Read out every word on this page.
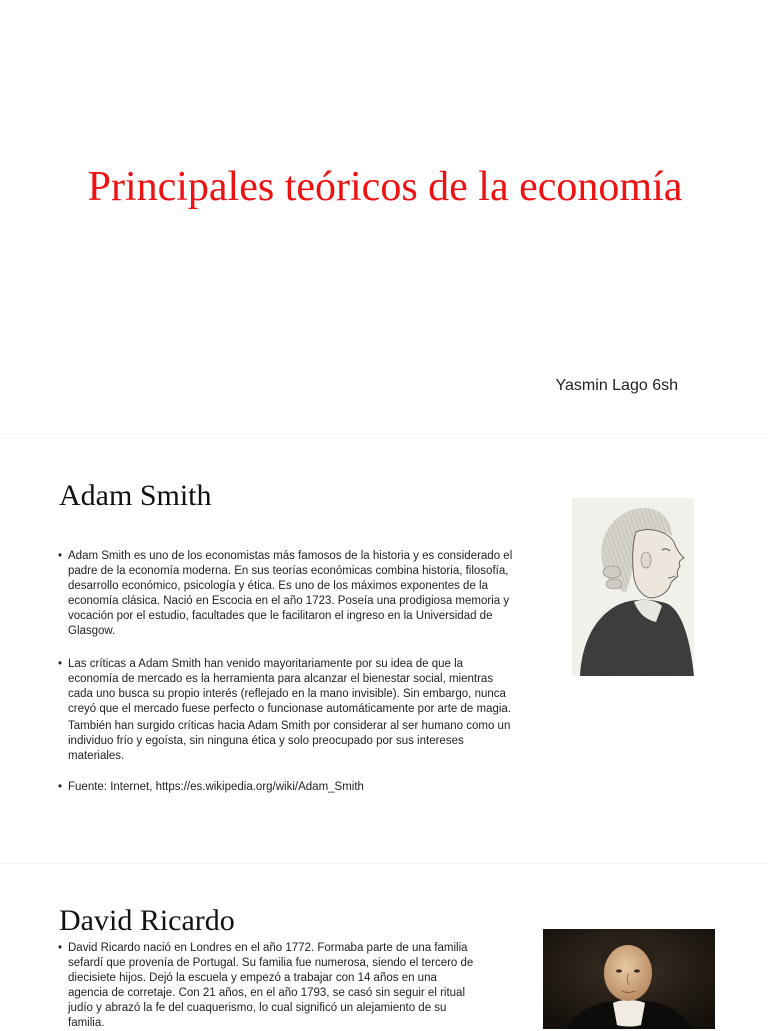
Principales teóricos de la economía
Yasmin Lago 6sh
Adam Smith
• Adam Smith es uno de los economistas más famosos de la historia y es considerado el padre de la economía moderna. En sus teorías económicas combina historia, filosofía, desarrollo económico, psicología y ética. Es uno de los máximos exponentes de la economía clásica. Nació en Escocia en el año 1723. Poseía una prodigiosa memoria y vocación por el estudio, facultades que le facilitaron el ingreso en la Universidad de Glasgow.
• Las críticas a Adam Smith han venido mayoritariamente por su idea de que la economía de mercado es la herramienta para alcanzar el bienestar social, mientras cada uno busca su propio interés (reflejado en la mano invisible). Sin embargo, nunca creyó que el mercado fuese perfecto o funcionase automáticamente por arte de magia.
También han surgido críticas hacia Adam Smith por considerar al ser humano como un individuo frío y egoísta, sin ninguna ética y solo preocupado por sus intereses materiales.
• Fuente: Internet, https://es.wikipedia.org/wiki/Adam_Smith
David Ricardo
• David Ricardo nació en Londres en el año 1772. Formaba parte de una familia sefardí que provenía de Portugal. Su familia fue numerosa, siendo el tercero de diecisiete hijos. Dejó la escuela y empezó a trabajar con 14 años en una agencia de corretaje. Con 21 años, en el año 1793, se casó sin seguir el ritual judío y abrazó la fe del cuaquerismo, lo cual significó un alejamiento de su familia.
